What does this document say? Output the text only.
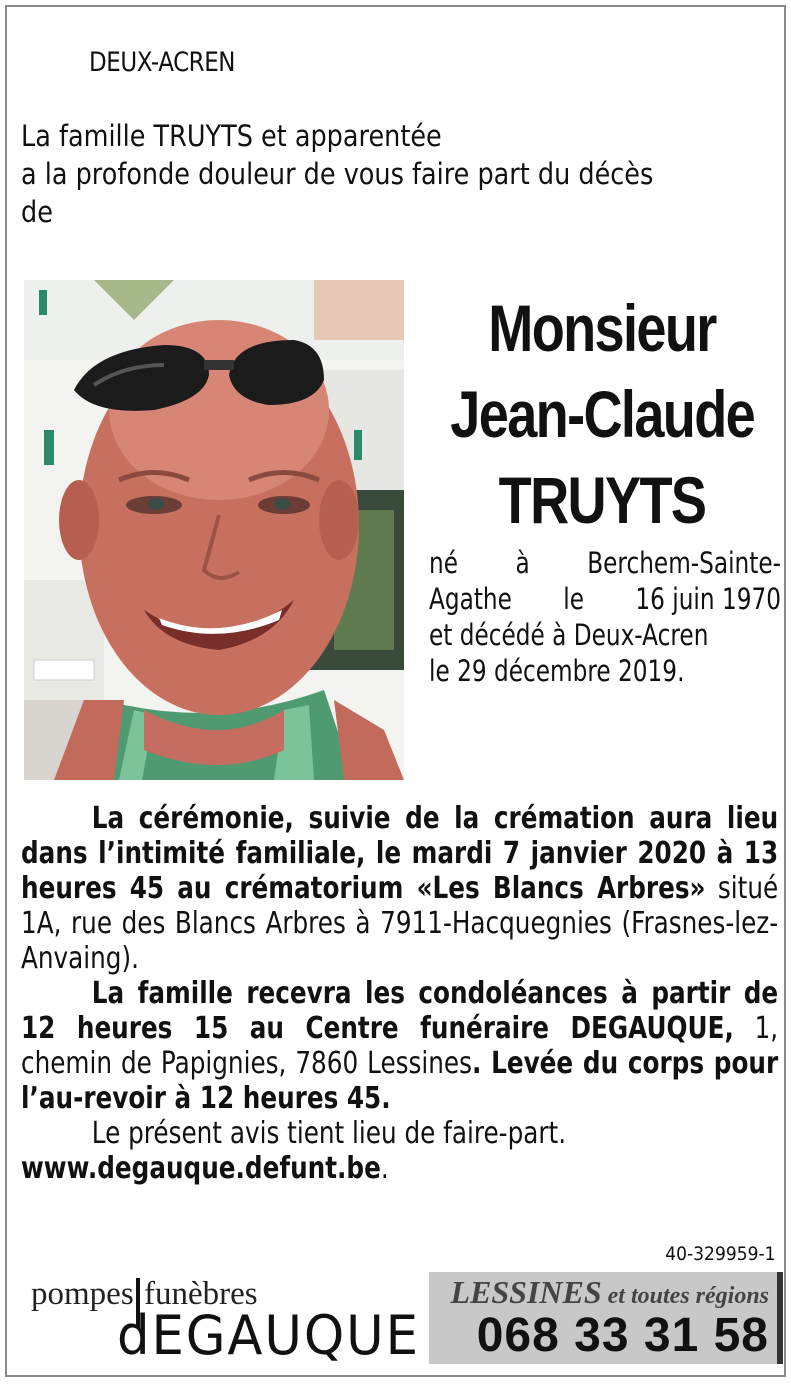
DEUX-ACREN

La famille TRUYTS et apparentée

a la profonde douleur de vous faire part du décès

de

Monsieur
Jean-Claude
TRUYTS
né à Berchem-Sainte-
Agathe le 16 juin 1970
et décédé à Deux-Acren
le 29 décembre 2019.

La cérémonie, suivie de la crémation aura lieu dans l’intimité familiale, le mardi 7 janvier 2020 à 13 heures 45 au crématorium «Les Blancs Arbres» situé 1A, rue des Blancs Arbres à 7911-Hacquegnies (Frasnes-lez-Anvaing).

La famille recevra les condoléances à partir de 12 heures 15 au Centre funéraire DEGAUQUE, 1, chemin de Papignies, 7860 Lessines. Levée du corps pour l’au-revoir à 12 heures 45.

Le présent avis tient lieu de faire-part.

www.degauque.defunt.be.

40-329959-1
pompes funèbres
dEGAUQUE
LESSINES et toutes régions
068 33 31 58
